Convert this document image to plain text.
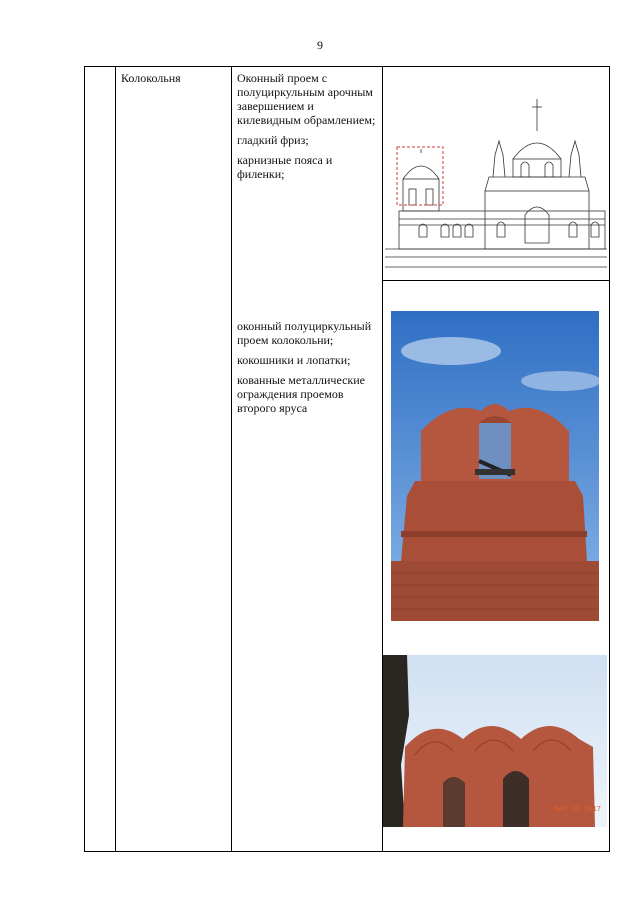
9
Колокольня	Оконный проем с полуциркульным арочным завершением и килевидным обрамлением;

гладкий фриз;

карнизные пояса и филенки;

оконный полуциркульный проем колокольни;

кокошники и лопатки;

кованные металлические ограждения проемов второго яруса

MAY 31 2017
